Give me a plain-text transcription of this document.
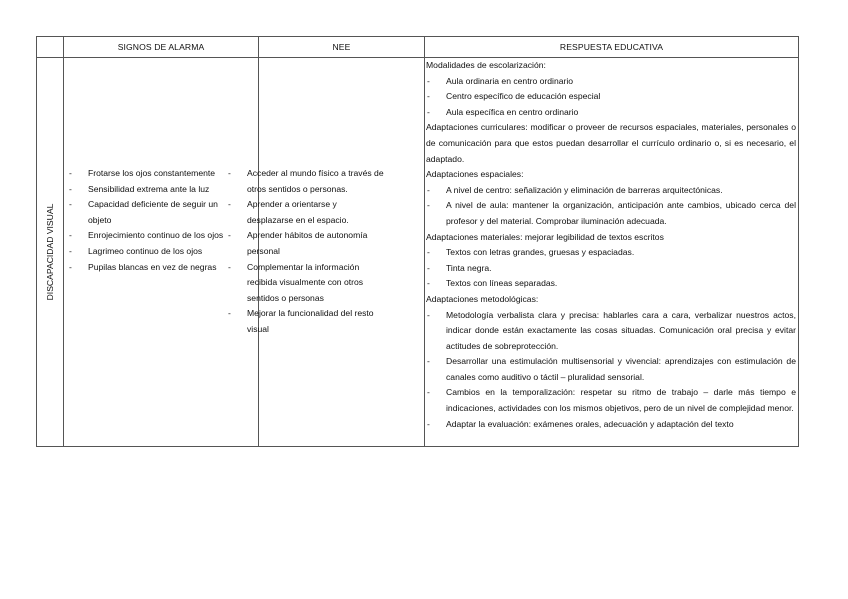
SIGNOS DE ALARMA	NEE	RESPUESTA EDUCATIVA
DISCAPACIDAD VISUAL
- Frotarse los ojos constantemente
- Sensibilidad extrema ante la luz
- Capacidad deficiente de seguir un objeto
- Enrojecimiento continuo de los ojos
- Lagrimeo continuo de los ojos
- Pupilas blancas en vez de negras
- Acceder al mundo físico a través de otros sentidos o personas.
- Aprender a orientarse y desplazarse en el espacio.
- Aprender hábitos de autonomía personal
- Complementar la información recibida visualmente con otros sentidos o personas
- Mejorar la funcionalidad del resto visual

Modalidades de escolarización:

- Aula ordinaria en centro ordinario
- Centro específico de educación especial
- Aula específica en centro ordinario

Adaptaciones curriculares: modificar o proveer de recursos espaciales, materiales, personales o de comunicación para que estos puedan desarrollar el currículo ordinario o, si es necesario, el adaptado.

Adaptaciones espaciales:

- A nivel de centro: señalización y eliminación de barreras arquitectónicas.
- A nivel de aula: mantener la organización, anticipación ante cambios, ubicado cerca del profesor y del material. Comprobar iluminación adecuada.

Adaptaciones materiales: mejorar legibilidad de textos escritos

- Textos con letras grandes, gruesas y espaciadas.
- Tinta negra.
- Textos con líneas separadas.

Adaptaciones metodológicas:

- Metodología verbalista clara y precisa: hablarles cara a cara, verbalizar nuestros actos, indicar donde están exactamente las cosas situadas. Comunicación oral precisa y evitar actitudes de sobreprotección.
- Desarrollar una estimulación multisensorial y vivencial: aprendizajes con estimulación de canales como auditivo o táctil – pluralidad sensorial.
- Cambios en la temporalización: respetar su ritmo de trabajo – darle más tiempo e indicaciones, actividades con los mismos objetivos, pero de un nivel de complejidad menor.
- Adaptar la evaluación: exámenes orales, adecuación y adaptación del texto
